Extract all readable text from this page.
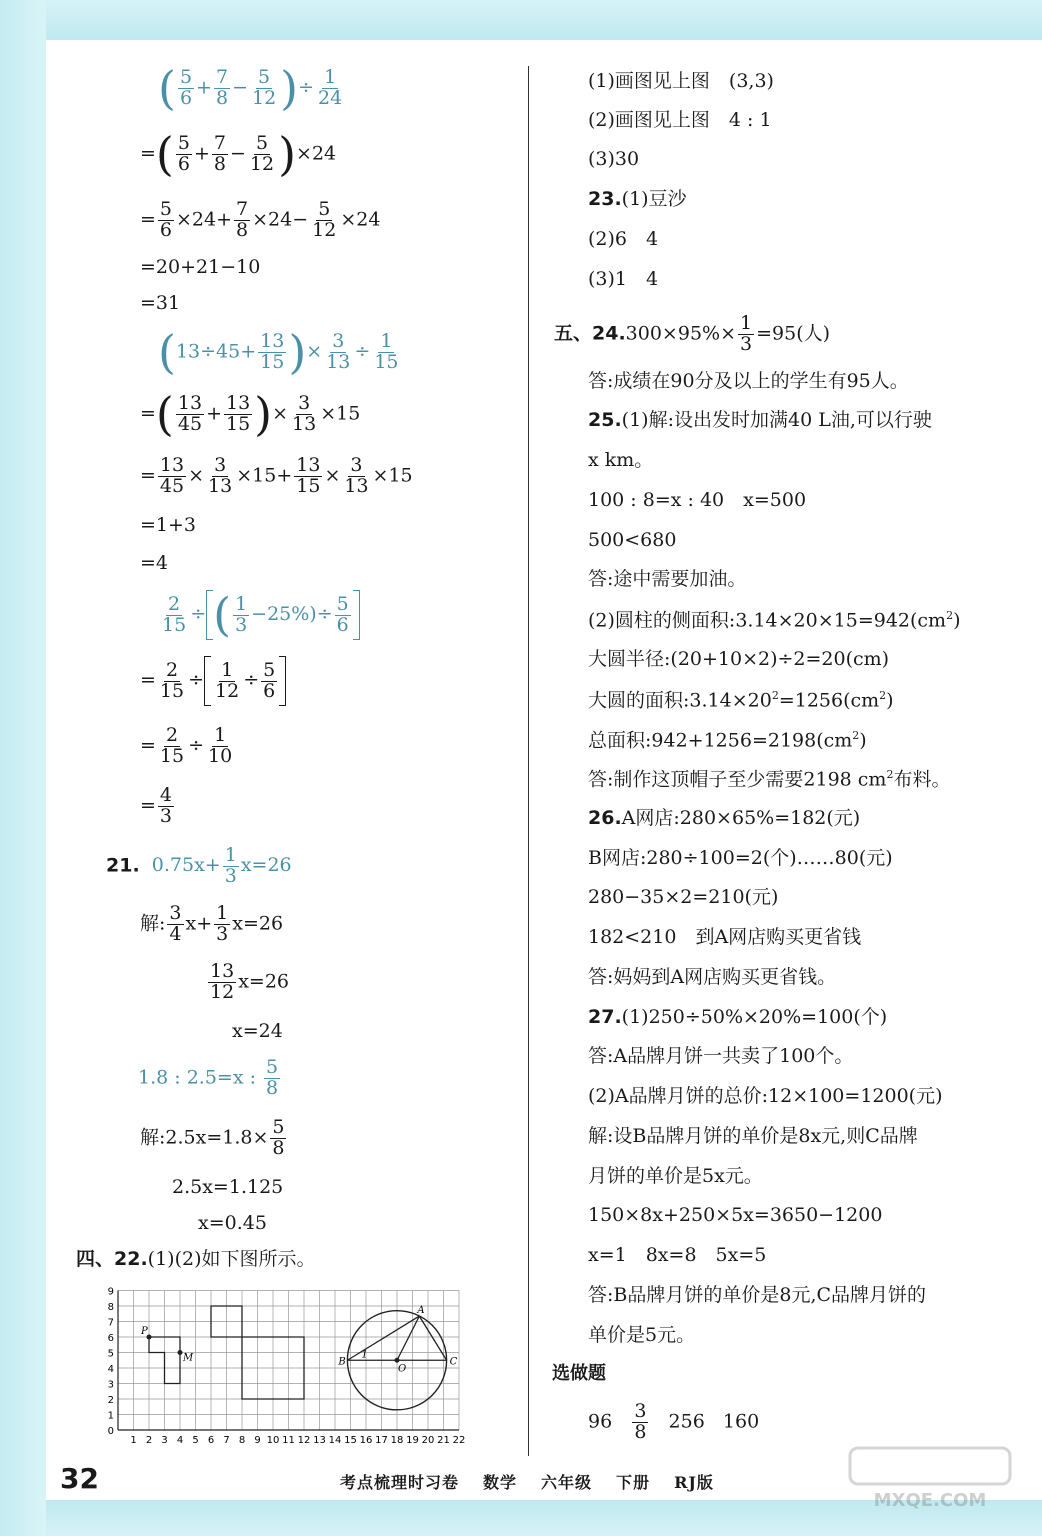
( $\frac{5}{6} + \frac{7}{8} - \frac{5}{12}$ )÷ $\frac{1}{24}$
=( $\frac{5}{6} + \frac{7}{8} - \frac{5}{12} )\times 24$
= $\frac{5}{6} \times 24+ \frac{7}{8} \times 24- \frac{5}{12} \times 24$
=20+21−10
=31
($13\div 45+ \frac{13}{15}$ )× $\frac{3}{13} \div \frac{1}{15}$
=( $\frac{13}{45} + \frac{13}{15}$ )× $\frac{3}{13} \times 15$
= $\frac{13}{45} \times \frac{3}{13} \times 15+ \frac{13}{15} \times \frac{3}{13} \times 15$
=1+3
=4
$\frac{2}{15}$ ÷ ( $\frac{1}{3} -25\%)\div \frac{5}{6}$
= $\frac{2}{15} \div \frac{1}{12} \div \frac{5}{6}$
= $\frac{2}{15} \div \frac{1}{10}$
= $\frac{4}{3}$
21. $0.75x+ \frac{1}{3} x=26$
解: $\frac{3}{4} x+ \frac{1}{3} x=26$
$\frac{13}{12} x=26$
x=24
1.8 : 2.5=x : $\frac{5}{8}$
解:2.5x=1.8× $\frac{5}{8}$
2.5x=1.125
x=0.45
四、22.(1)(2)如下图所示。
0
1
2
3
4
5
6
7
8
9
1 2 3 4 5 6 7 8 9 10 11 12 13 14 15 16 17 18 19 20 21 22
P
M
A
B	C
O
1
(1)画图见上图　(3,3)
(2)画图见上图　4 : 1
(3)30
23.(1)豆沙
(2)6　4
(3)1　4
五、$24.300\times 95\%\times \frac{1}{3} =95$(人)
答:成绩在90分及以上的学生有95人。
25.(1)解:设出发时加满40 L油,可以行驶
x km。
100 : 8=x : 40　x=500
500<680
答:途中需要加油。
(2)圆柱的侧面积$:3.14\times 20\times 15=942(cm^2)$
大圆半径:(20+10×2)÷2=20(cm)
大圆的面积$:3.14\times 20^2=1256(cm^2)$
总面积$:942+1256=2198(cm^2)$
答:制作这顶帽子至少需要2198 $cm^2$布料。
26.A网店:280×65%=182(元)
B网店:280÷100=2(个)……80(元)
280−35×2=210(元)
182<210　到A网店购买更省钱
答:妈妈到A网店购买更省钱。
27.(1)250÷50%×20%=100(个)
答:A品牌月饼一共卖了100个。
(2)A品牌月饼的总价:12×100=1200(元)
解:设B品牌月饼的单价是8x元,则C品牌
月饼的单价是5x元。
150×8x+250×5x=3650−1200
x=1　8x=8　5x=5
答:B品牌月饼的单价是8元,C品牌月饼的
单价是5元。
选做题
$96 \frac{3}{8} 256$ 160
32	考点梳理时习卷 数学 六年级 下册 RJ版
MXQE.COM
